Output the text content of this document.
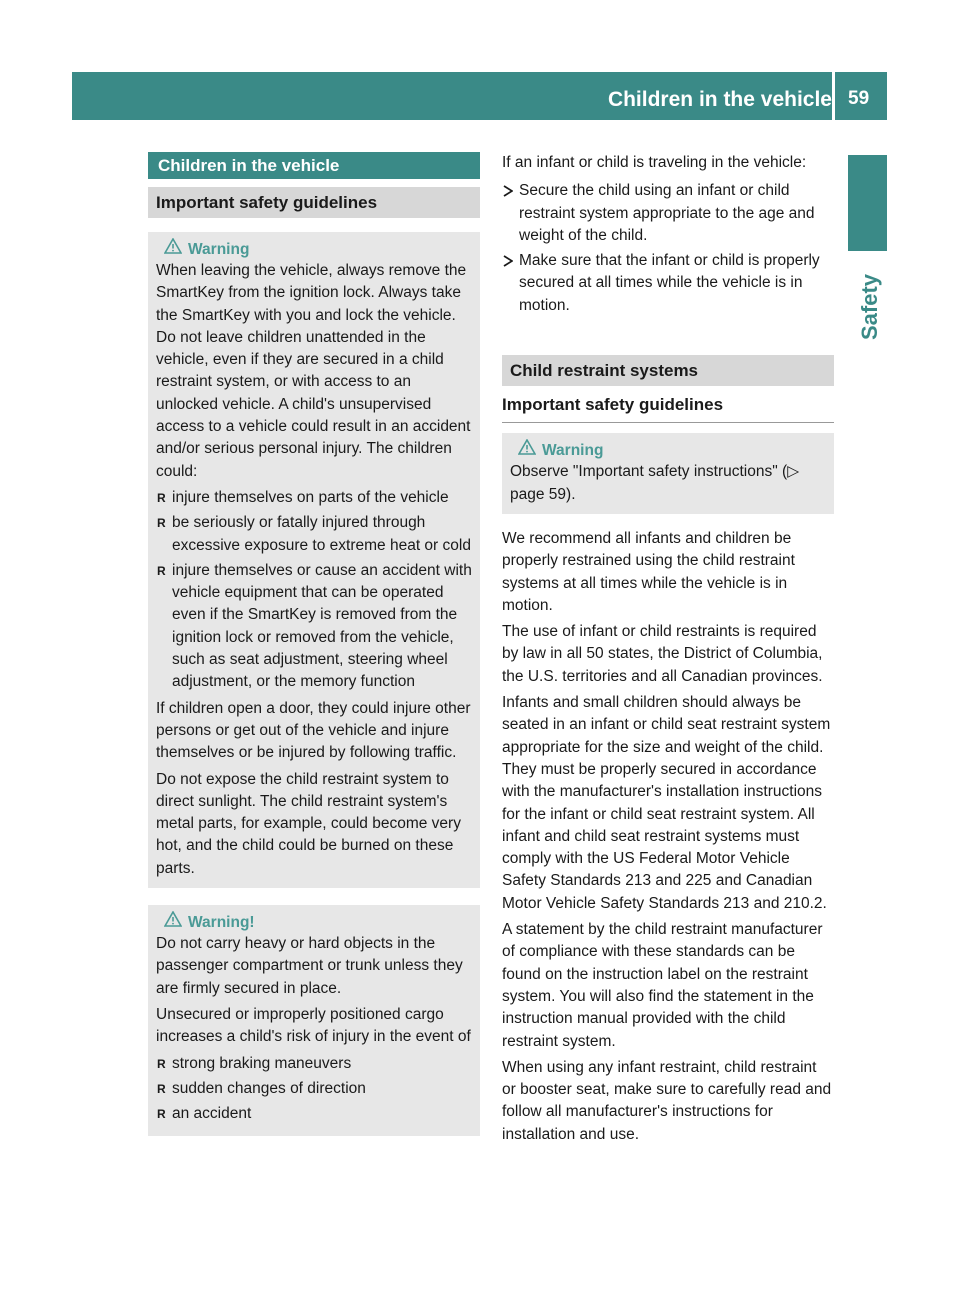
Children in the vehicle 59
Safety
Children in the vehicle
Important safety guidelines
Warning

When leaving the vehicle, always remove the SmartKey from the ignition lock. Always take the SmartKey with you and lock the vehicle. Do not leave children unattended in the vehicle, even if they are secured in a child restraint system, or with access to an unlocked vehicle. A child's unsupervised access to a vehicle could result in an accident and/or serious personal injury. The children could:

R injure themselves on parts of the vehicle
R be seriously or fatally injured through excessive exposure to extreme heat or cold
R injure themselves or cause an accident with vehicle equipment that can be operated even if the SmartKey is removed from the ignition lock or removed from the vehicle, such as seat adjustment, steering wheel adjustment, or the memory function

If children open a door, they could injure other persons or get out of the vehicle and injure themselves or be injured by following traffic.

Do not expose the child restraint system to direct sunlight. The child restraint system's metal parts, for example, could become very hot, and the child could be burned on these parts.

Warning!

Do not carry heavy or hard objects in the passenger compartment or trunk unless they are firmly secured in place.

Unsecured or improperly positioned cargo increases a child's risk of injury in the event of

R strong braking maneuvers
R sudden changes of direction
R an accident

If an infant or child is traveling in the vehicle:

Secure the child using an infant or child restraint system appropriate to the age and weight of the child.
Make sure that the infant or child is properly secured at all times while the vehicle is in motion.
Child restraint systems
Important safety guidelines
Warning

Observe "Important safety instructions" (▷ page 59).

We recommend all infants and children be properly restrained using the child restraint systems at all times while the vehicle is in motion.

The use of infant or child restraints is required by law in all 50 states, the District of Columbia, the U.S. territories and all Canadian provinces.

Infants and small children should always be seated in an infant or child seat restraint system appropriate for the size and weight of the child. They must be properly secured in accordance with the manufacturer's installation instructions for the infant or child seat restraint system. All infant and child seat restraint systems must comply with the US Federal Motor Vehicle Safety Standards 213 and 225 and Canadian Motor Vehicle Safety Standards 213 and 210.2.

A statement by the child restraint manufacturer of compliance with these standards can be found on the instruction label on the restraint system. You will also find the statement in the instruction manual provided with the child restraint system.

When using any infant restraint, child restraint or booster seat, make sure to carefully read and follow all manufacturer's instructions for installation and use.
